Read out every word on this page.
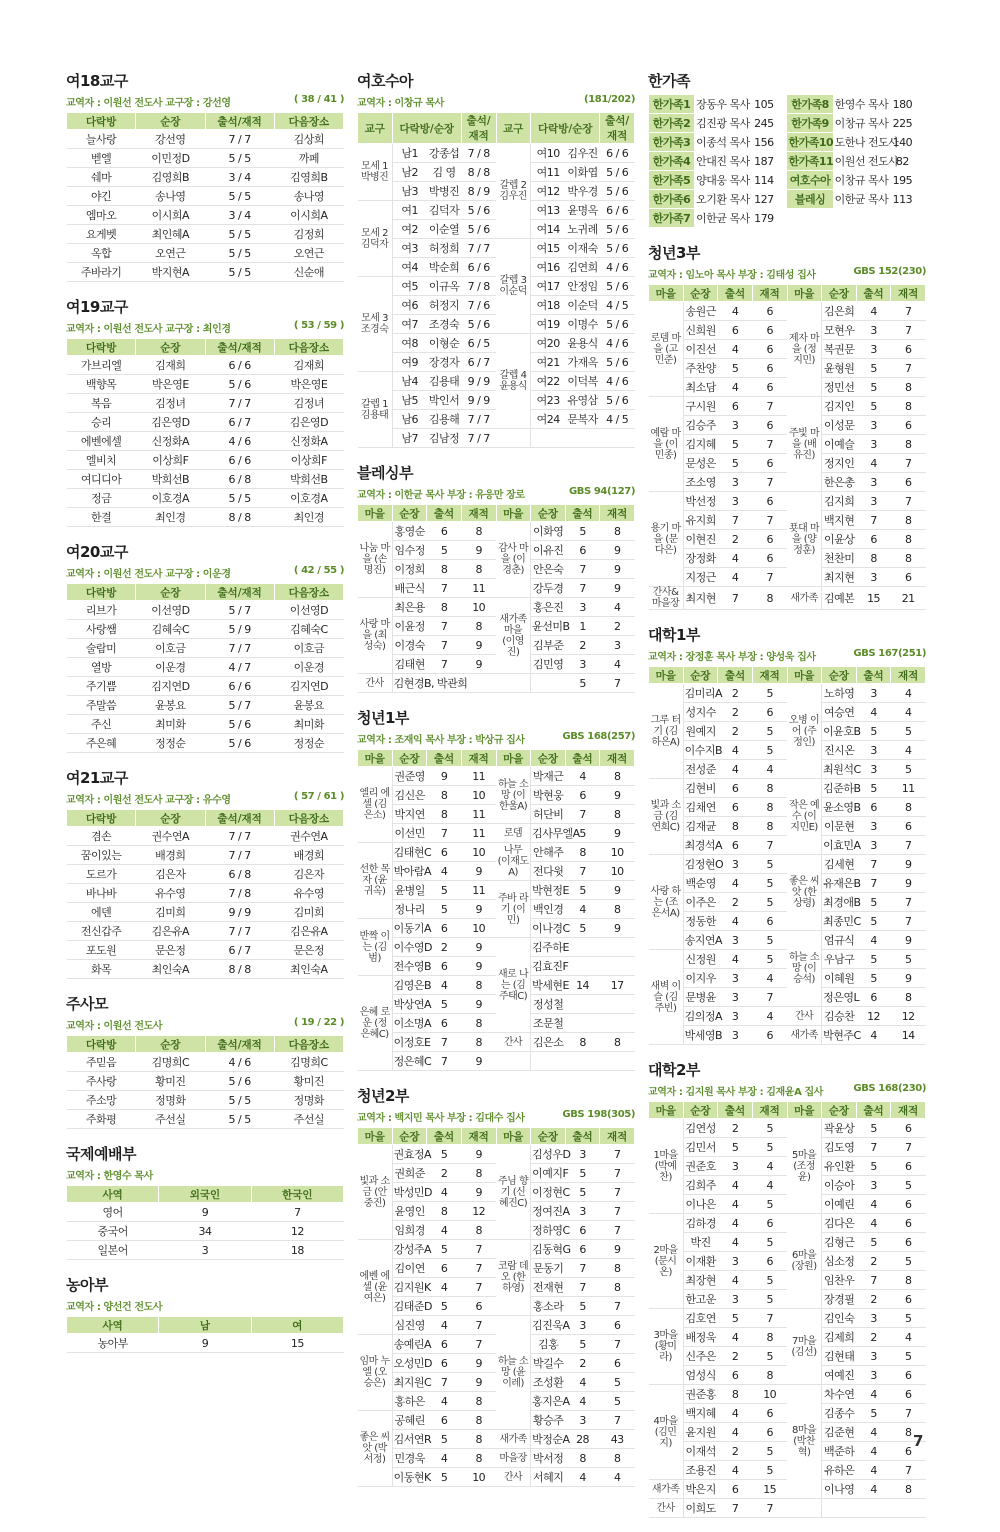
여18교구
교역자 : 이원선 전도사 교구장 : 강선영	( 38 / 41 )
다락방	순장	출석/재적	다음장소
늘사랑	강선영	7 / 7	김상희
벧엘	이민정D	5 / 5	까페
쉐마	김영희B	3 / 4	김영희B
야긴	송나영	5 / 5	송나영
엠마오	이시희A	3 / 4	이시희A
요게벳	최인혜A	5 / 5	김정희
옥합	오연근	5 / 5	오연근
주바라기	박지현A	5 / 5	신순애
여19교구
교역자 : 이원선 전도사 교구장 : 최인경	( 53 / 59 )
다락방	순장	출석/재적	다음장소
가브리엘	김재희	6 / 6	김재희
백향목	박은영E	5 / 6	박은영E
복음	김정녀	7 / 7	김정녀
승리	김은영D	6 / 7	김은영D
에벤에셀	신정화A	4 / 6	신정화A
엘비치	이상희F	6 / 6	이상희F
여디디아	박희선B	6 / 8	박희선B
정금	이호경A	5 / 5	이호경A
한결	최인경	8 / 8	최인경
여20교구
교역자 : 이원선 전도사 교구장 : 이운경	( 42 / 55 )
다락방	순장	출석/재적	다음장소
리브가	이선영D	5 / 7	이선영D
사랑쌤	김혜숙C	5 / 9	김혜숙C
술람미	이호금	7 / 7	이호금
열방	이운경	4 / 7	이운경
주기쁨	김지연D	6 / 6	김지연D
주말씀	윤봉요	5 / 7	윤봉요
주신	최미화	5 / 6	최미화
주은혜	정정순	5 / 6	정정순
여21교구
교역자 : 이원선 전도사 교구장 : 유수영	( 57 / 61 )
다락방	순장	출석/재적	다음장소
겸손	권수연A	7 / 7	권수연A
꿈이있는	배경희	7 / 7	배경희
도르가	김은자	6 / 8	김은자
바나바	유수영	7 / 8	유수영
에덴	김미희	9 / 9	김미희
전신갑주	김은유A	7 / 7	김은유A
포도원	문은정	6 / 7	문은정
화목	최인숙A	8 / 8	최인숙A
주사모
교역자 : 이원선 전도사	( 19 / 22 )
다락방	순장	출석/재적	다음장소
주믿음	김명희C	4 / 6	김명희C
주사랑	황미진	5 / 6	황미진
주소망	정명화	5 / 5	정명화
주화평	주선실	5 / 5	주선실
국제예배부
교역자 : 한영수 목사
사역	외국인	한국인
영어	9	7
중국어	34	12
일본어	3	18
농아부
교역자 : 양선건 전도사
사역	남	여
농아부	9	15
여호수아
교역자 : 이창규 목사	(181/202)
교구	다락방/순장		출석/재적	교구	다락방/순장		출석/재적
모세 1 박병진	남1	강종섭	7 / 8	갈렙 2 김우진	여10	김우진	6 / 6
	남2	김 영	8 / 8		여11	이화엽	5 / 6
	남3	박병진	8 / 9		여12	박우경	5 / 6
모세 2 김덕자	여1	김덕자	5 / 6		여13	윤명옥	6 / 6
	여2	이순열	5 / 6		여14	노귀례	5 / 6
	여3	허정희	7 / 7	갈렙 3 이순덕	여15	이재숙	5 / 6
	여4	박순희	6 / 6		여16	김연희	4 / 6
모세 3 조경숙	여5	이규옥	7 / 8		여17	안정임	5 / 6
	여6	허정지	7 / 6		여18	이순덕	4 / 5
	여7	조경숙	5 / 6		여19	이명수	5 / 6
	여8	이형순	6 / 5	갈렙 4 윤용식	여20	윤용식	4 / 6
	여9	장경자	6 / 7		여21	가재옥	5 / 6
갈렙 1 김용태	남4	김용태	9 / 9		여22	이덕복	4 / 6
	남5	박인서	9 / 9		여23	유영삼	5 / 6
	남6	김용해	7 / 7		여24	문복자	4 / 5
	남7	김남정	7 / 7				
블레싱부
교역자 : 이한균 목사 부장 : 유응만 장로	GBS 94(127)
마을	순장	출석	재적	마을	순장	출석	재적
나눔 마을 (손명진)	홍영순	6	8	감사 마을 (이경춘)	이화영	5	8
	임수정	5	9		이유진	6	9
	이정희	8	8		안은숙	7	9
	배근식	7	11		강두경	7	9
사랑 마을 (최성숙)	최은용	8	10	새가족 마을 (이영진)	홍은진	3	4
	이윤정	7	8		윤선미B	1	2
	이경숙	7	9		김부준	2	3
	김태현	7	9		김민영	3	4
간사	김현경B, 박관희					5	7
청년1부
교역자 : 조재익 목사 부장 : 박상규 집사	GBS 168(257)
마을	순장	출석	재적	마을	순장	출석	재적
엘리 에셀 (김은소)	권준영	9	11	하늘 소망 (이한울A)	박재근	4	8
	김신은	8	10		박현웅	6	9
	박지연	8	11		허단비	7	8
	이선민	7	11	로뎀	김사무엘A	5	9
선한 목자 (윤귀옥)	김태현C	6	10	나무 (이재도A)	안해주	8	10
	박아람A	4	9		전다윗	7	10
	윤병일	5	11	주바 라기 (이민)	박현정E	5	9
	정나리	5	9		백인경	4	8
반짝 이는 (김범)	이동기A	6	10		이나경C	5	9
	이수영D	2	9	새로 나는 (김주태C)	김주하E		
	전수영B	6	9		김효진F		
은혜 로운 (정은혜C)	김영은B	4	8		박세현E	14	17
	박상연A	5	9		정성철		
	이소명A	6	8		조문철		
	이정호E	7	8	간사	김은소	8	8
	정은혜C	7	9				
청년2부
교역자 : 백지민 목사 부장 : 김대수 집사	GBS 198(305)
마을	순장	출석	재적	마을	순장	출석	재적
빛과 소금 (안중진)	권효정A	5	9	주님 향기 (신혜진C)	김성우D	3	7
	권희준	2	8		이예지F	5	7
	박성민D	4	9		이정현C	5	7
	윤영인	8	12		정여진A	3	7
	임희경	4	8		정하영C	6	7
에벤 에셀 (윤여은)	강성주A	5	7	코람 데오 (한하영)	김동혁G	6	9
	김이연	6	7		문동기	7	8
	김지원K	4	7		전재현	7	8
	김태준D	5	6		홍소라	5	7
	심진영	4	7	하늘 소망 (윤이레)	김진욱A	3	6
임마 누엘 (오승은)	송예린A	6	7		김홍	5	7
	오성민D	6	9		박길수	2	6
	최지원C	7	9		조성환	4	5
	홍하은	4	8		홍지은A	4	5
좋은 씨앗 (박서정)	공혜린	6	8		황승주	3	7
	김서연R	5	8	새가족	박정순A	28	43
	민경욱	4	8	마을장	박서정	8	8
	이동현K	5	10	간사	서혜지	4	4
한가족
한가족1	장동우 목사	105	한가족8	한영수 목사	180
한가족2	김진광 목사	245	한가족9	이창규 목사	225
한가족3	이종석 목사	156	한가족10	도한나 전도사	140
한가족4	안대진 목사	187	한가족11	이원선 전도사	82
한가족5	양대웅 목사	114	여호수아	이창규 목사	195
한가족6	오기환 목사	127	블레싱	이한균 목사	113
한가족7	이한균 목사	179			
청년3부
교역자 : 임노아 목사 부장 : 김태성 집사	GBS 152(230)
마을	순장	출석	재적	마을	순장	출석	재적
로뎀 마을 (고민준)	송원근	4	6	제자 마을 (정지민)	김은희	4	7
	신희원	6	6		모현우	3	7
	이진선	4	6		복권문	3	6
	주찬양	5	6		윤형원	5	7
	최소담	4	6		정민선	5	8
예람 마을 (이민종)	구시원	6	7	주빛 마을 (배유진)	김지인	5	8
	김승주	3	6		이성문	3	6
	김지혜	5	7		이예슬	3	8
	문성은	5	6		정지인	4	7
	조소영	3	7		한은총	3	6
용기 마을 (문다은)	박선정	3	6	푯대 마을 (양정훈)	김지희	3	7
	유지희	7	7		백지현	7	8
	이현진	2	6		이윤상	6	8
	장정화	4	6		천찬미	8	8
	지정근	4	7		최지현	3	6
간사& 마을장	최지현	7	8	새가족	김예본	15	21
대학1부
교역자 : 장정훈 목사 부장 : 양성욱 집사	GBS 167(251)
마을	순장	출석	재적	마을	순장	출석	재적
그루 터기 (김하은A)	김미리A	2	5	오병 이어 (주정인)	노하영	3	4
	성지수	2	6		여승연	4	4
	원예지	2	5		이윤호B	5	5
	이수지B	4	5		진시온	3	4
	전성준	4	4		최원석C	3	5
빛과 소금 (김연희C)	김현비	6	8	작은 예수 (이지민E)	김준하B	5	11
	김채연	6	8		윤소영B	6	8
	김재균	8	8		이문현	3	6
	최경석A	6	7		이효민A	3	7
사랑 하는 (조은서A)	김정현O	3	5	좋은 씨앗 (한상령)	김세현	7	9
	백순영	4	5		유재은B	7	9
	이주은	2	5		최경애B	5	7
	정동한	4	6		최종민C	5	7
	송지연A	3	5	하늘 소망 (이승석)	엄규식	4	9
새벽 이슬 (김주빈)	신정원	4	5		우남구	5	5
	이지우	3	4		이혜원	5	9
	문병윤	3	7		정은영L	6	8
	김의정A	3	4	간사	김승찬	12	12
	박세영B	3	6	새가족	박현주C	4	14
대학2부
교역자 : 김지원 목사 부장 : 김재윤A 집사	GBS 168(230)
마을	순장	출석	재적	마을	순장	출석	재적
1마을 (박예찬)	김연성	2	5	5마을 (조정윤)	곽윤상	5	6
	김민서	5	5		김도영	7	7
	권준호	3	4		유인환	5	6
	김희주	4	4		이승아	3	5
	이나은	4	5		이예린	4	6
2마을 (문시온)	김하경	4	6	6마을 (장원)	김다은	4	6
	박진	4	5		김형근	5	6
	이재환	3	6		심소정	2	5
	최장현	4	5		임찬우	7	8
	한고운	3	5		장경필	2	6
3마을 (황미라)	김호연	5	7	7마을 (김선)	김인숙	3	5
	배정욱	4	8		김제희	2	4
	신주은	2	5		김현태	3	5
	엄성식	6	8		여예진	3	6
4마을 (김민지)	권준홍	8	10	8마을 (박찬혁)	차수연	4	6
	백지혜	4	6		김종수	5	7
	윤지원	4	6		김준현	4	8
	이재석	2	5		백준하	4	6
	조용진	4	5		유하은	4	7
새가족	박은지	6	15		이나영	4	8
간사	이희도	7	7				
7
